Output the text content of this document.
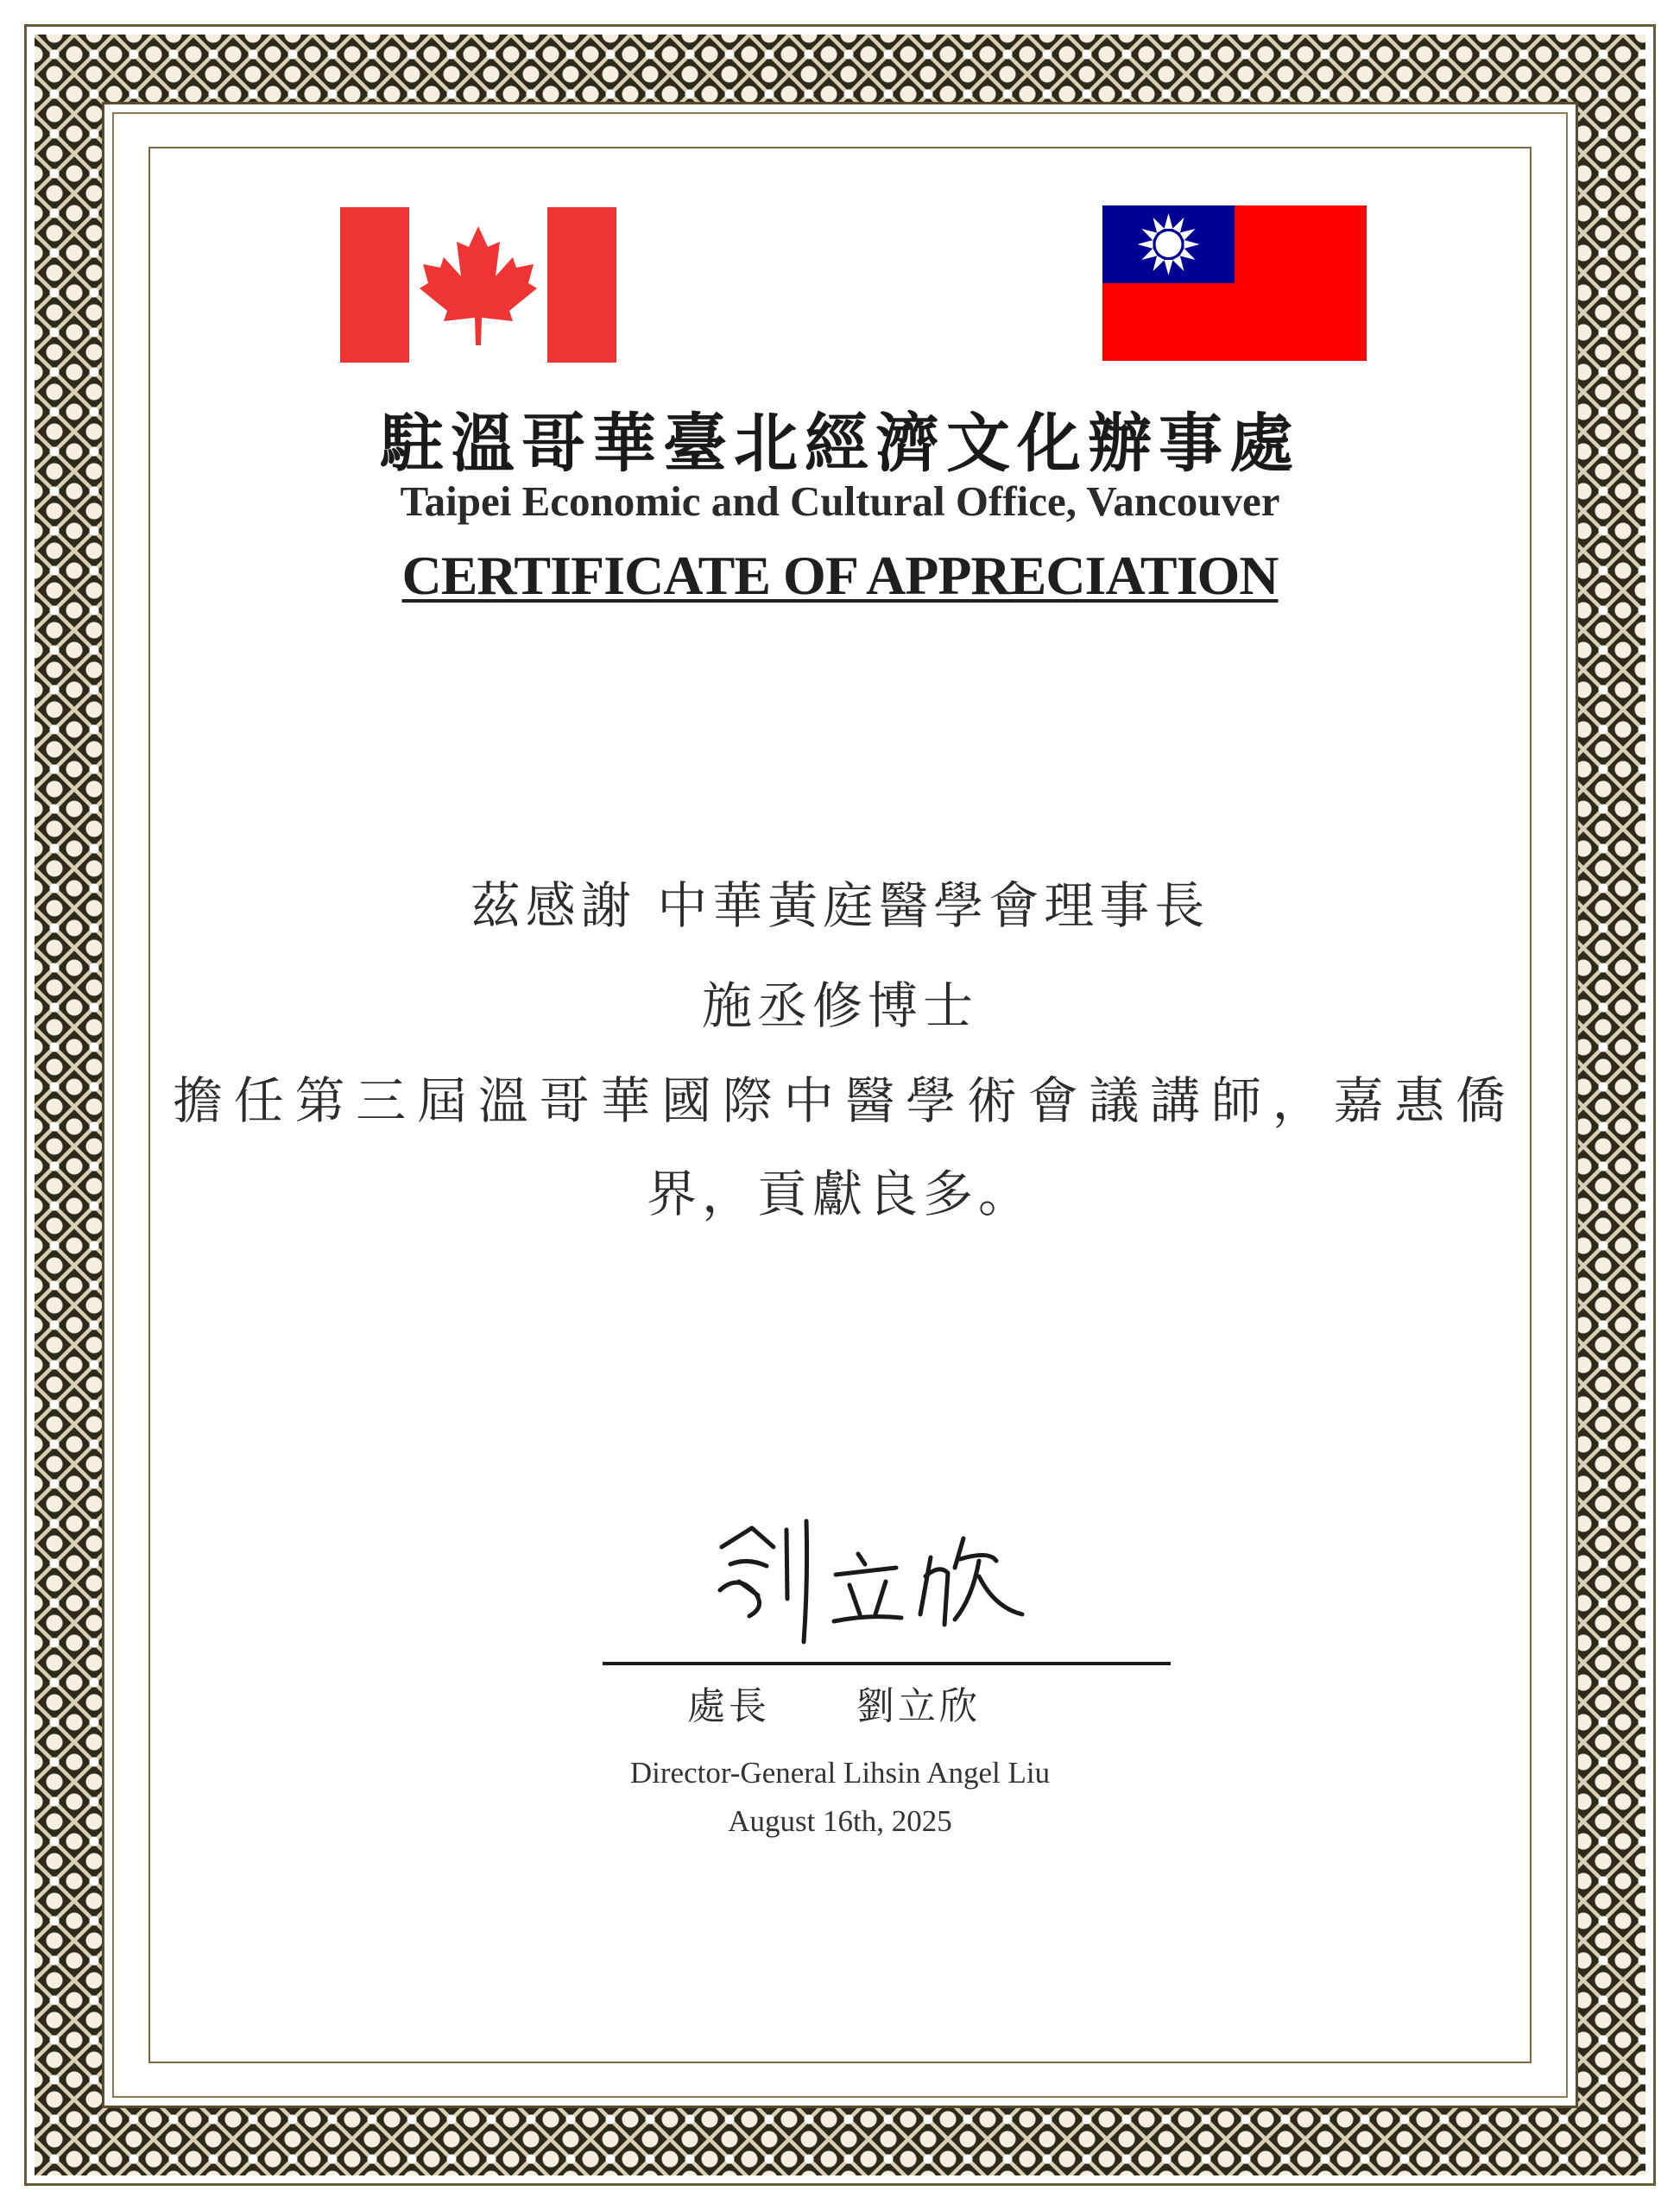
駐溫哥華臺北經濟文化辦事處
Taipei Economic and Cultural Office, Vancouver
CERTIFICATE OF APPRECIATION
茲感謝 中華黃庭醫學會理事長
施丞修博士
擔任第三屆溫哥華國際中醫學術會議講師，嘉惠僑
界，貢獻良多。
處長 劉立欣
Director-General Lihsin Angel Liu
August 16th, 2025
